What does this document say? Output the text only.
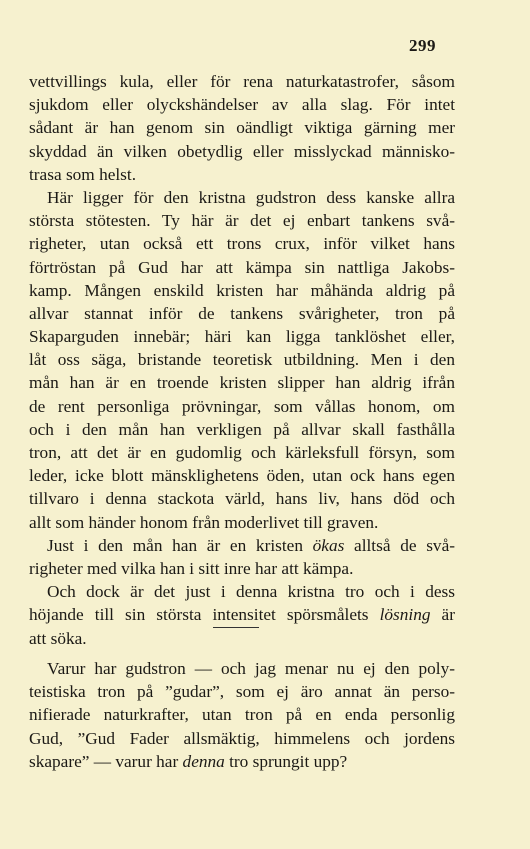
299
vettvillings kula, eller för rena naturkatastrofer, såsom
sjukdom eller olyckshändelser av alla slag. För intet
sådant är han genom sin oändligt viktiga gärning mer
skyddad än vilken obetydlig eller misslyckad människo-
trasa som helst.
Här ligger för den kristna gudstron dess kanske allra
största stötesten. Ty här är det ej enbart tankens svå-
righeter, utan också ett trons crux, inför vilket hans
förtröstan på Gud har att kämpa sin nattliga Jakobs-
kamp. Mången enskild kristen har måhända aldrig på
allvar stannat inför de tankens svårigheter, tron på
Skaparguden innebär; häri kan ligga tanklöshet eller,
låt oss säga, bristande teoretisk utbildning. Men i den
mån han är en troende kristen slipper han aldrig ifrån
de rent personliga prövningar, som vållas honom, om
och i den mån han verkligen på allvar skall fasthålla
tron, att det är en gudomlig och kärleksfull försyn, som
leder, icke blott mänsklighetens öden, utan ock hans egen
tillvaro i denna stackota värld, hans liv, hans död och
allt som händer honom från moderlivet till graven.
Just i den mån han är en kristen ökas alltså de svå-
righeter med vilka han i sitt inre har att kämpa.
Och dock är det just i denna kristna tro och i dess
höjande till sin största intensitet spörsmålets lösning är
att söka.
Varur har gudstron — och jag menar nu ej den poly-
teistiska tron på ”gudar”, som ej äro annat än perso-
nifierade naturkrafter, utan tron på en enda personlig
Gud, ”Gud Fader allsmäktig, himmelens och jordens
skapare” — varur har denna tro sprungit upp?
